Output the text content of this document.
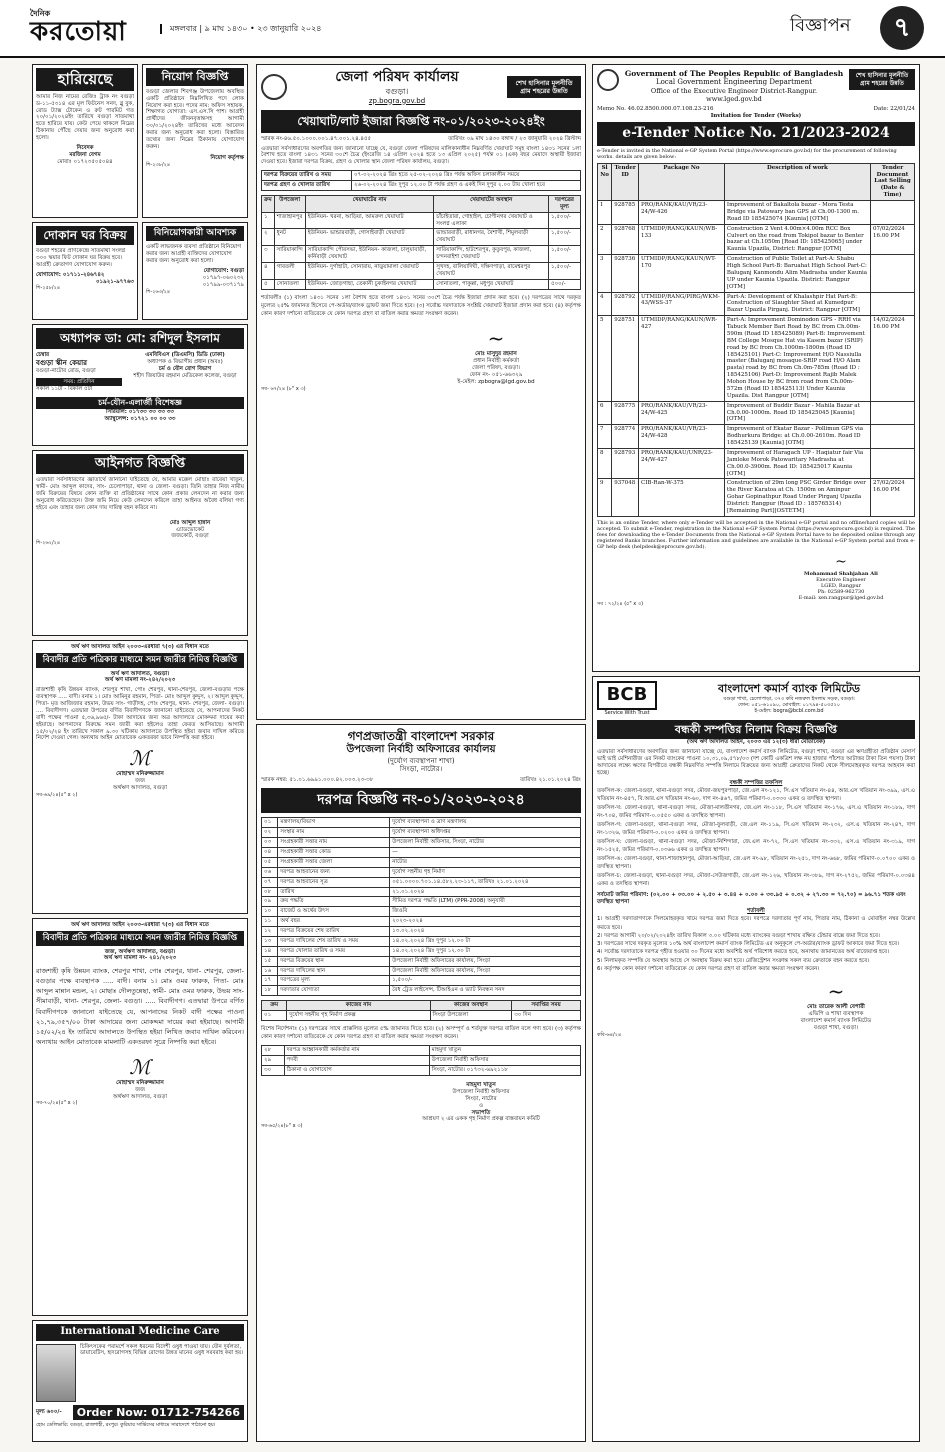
দৈনিক
করতোয়া	মঙ্গলবার | ৯ মাঘ ১৪৩০ • ২৩ জানুয়ারি ২০২৪	বিজ্ঞাপন	৭
হারিয়েছে
আমার নিজ নামের রেজিঃ ট্রাক নং বগুড়া ড-১১-৫৩১৪ এর মূল ফিটনেস সনদ, ব্লু বুক, রোড ট্যাক্স টোকেন ও রুট পারমিট গত ২০/০১/২০২৪ইং তারিখে বগুড়া সাতমাথা হতে হারিয়ে যায়। কেউ পেয়ে থাকলে নিম্নের ঠিকানায় পৌঁছে দেয়ার জন্য অনুরোধ করা হলো।
নিবেদক
মরজিনা বেগম
মোবাঃ ০১৭২৩৫০৫০৪৪
নিয়োগ বিজ্ঞপ্তি
বগুড়া জেলার শিবগঞ্জ উপজেলায় অবস্থিত একটি প্রতিষ্ঠানে নিম্নলিখিত পদে লোক নিয়োগ করা হবে। পদের নাম: অফিস সহায়ক, শিক্ষাগত যোগ্যতা: এস.এস.সি পাশ। আগ্রহী প্রার্থীদের জীবনবৃত্তান্তসহ আগামী ৩০/০১/২০২৪ইং তারিখের মধ্যে আবেদন করার জন্য অনুরোধ করা হলো। বিস্তারিত তথ্যের জন্য নিম্নের ঠিকানায় যোগাযোগ করুন।
নিয়োগ কর্তৃপক্ষ
শি-২৩৮/২৪
দোকান ঘর বিক্রয়
বগুড়া শহরের প্রাণকেন্দ্রে সাতমাথা সংলগ্ন ৩০০ স্কয়ার ফিট দোকান ঘর বিক্রয় হবে। আগ্রহী ক্রেতাগণ যোগাযোগ করুন।
যোগাযোগ: ০১৭১১-২৪৬৭৪২
০১৯২১-৯৭৭৬৩
শি-২৫৮/২৪
বিনিয়োগকারী আবশ্যক
একটি লাভজনক ব্যবসা প্রতিষ্ঠানে বিনিয়োগ করার জন্য আগ্রহী ব্যক্তিদের যোগাযোগ করার জন্য অনুরোধ করা হলো।
যোগাযোগ: বগুড়া
০১৭৯৭-০৬০২৩২
০১৭৯৯-০৩৭১৭৯
শি-২৬৩/২৪
অধ্যাপক ডা: মো: রশিদুল ইসলাম
চেম্বার
বগুড়া স্কীন কেয়ার
বগুড়া-নাটোর রোড, বগুড়া
সময়: প্রতিদিন
সকাল ১১টা - বিকাল ৫টা
এমবিবিএস (ডিএমসি) ডিডি (ঢাকা)
অধ্যাপক ও বিভাগীয় প্রধান (অবঃ)
চর্ম ও যৌন রোগ বিভাগ
শহীদ জিয়াউর রহমান মেডিকেল কলেজ, বগুড়া
চর্ম-যৌন-এলার্জী বিশেষজ্ঞ
সিরিয়াল: ০১৭৩৩ ৩৩ ৩৩ ৩৩
অ্যাম্বুলেন্স: ০১৭২১ ০০ ০০ ৩৩
আইনগত বিজ্ঞপ্তি
এতদ্বারা সর্বসাধারণের জ্ঞাতার্থে জানানো যাইতেছে যে, আমার মক্কেল মোছাঃ রাবেয়া খাতুন, স্বামী- মোঃ আব্দুল কাদের, সাং- চেলোপাড়া, থানা ও জেলা- বগুড়া। তিনি তাহার নিজ নামীয় জমি বিক্রয়ের বিষয়ে কোন ব্যক্তি বা প্রতিষ্ঠানের সাথে কোন প্রকার লেনদেন না করার জন্য অনুরোধ করিতেছেন। উক্ত জমি নিয়ে কেউ লেনদেন করিলে তাহা আইনত অবৈধ বলিয়া গণ্য হইবে এবং তাহার জন্য কোন দায় দায়িত্ব বহন করিবে না।
মোঃ আব্দুল হান্নান
এ্যাডভোকেট
জজকোর্ট, বগুড়া
শি-২৬২/২৪
অর্থ ঋণ আদালত আইন ২০০৩-এরধারা ৭(৩) এর বিধান মতে
বিবাদীর প্রতি পত্রিকার মাধ্যমে সমন জারীর নিমিত্ত বিজ্ঞপ্তি
অর্থ ঋণ আদালত, বগুড়া।
অর্থ ঋণ মামলা নং-২৪২/২০২৩
রাজশাহী কৃষি উন্নয়ন ব্যাংক, শেরপুর শাখা, পোঃ শেরপুর, থানা-শেরপুর, জেলা-বগুড়ার পক্ষে ব্যবস্থাপক ..... বাদী। বনাম ১। মোঃ আমিনুর রহমান, পিতা- মোঃ আব্দুল কুদ্দুস, ২। আব্দুল কুদ্দুস, পিতা- মৃত আজিজার রহমান, উভয় সাং- গাড়ীদহ, পোঃ শেরপুর, থানা- শেরপুর, জেলা- বগুড়া। .... বিবাদীগণ। এতদ্বারা উপরের বর্ণিত বিবাদীগণকে জানানো যাইতেছে যে, আপনাদের নিকট বাদী পক্ষের পাওনা ৫,৩৬,৯৬৫/- টাকা আদায়ের জন্য অত্র আদালতে মোকদ্দমা দায়ের করা হইয়াছে। আপনাদের বিরুদ্ধে সমন জারী করা হইলেও তাহা ফেরত আসিয়াছে। আগামী ১৫/০২/২৪ ইং তারিখে সকাল ৯.৩০ ঘটিকায় আদালতে উপস্থিত হইয়া জবাব দাখিল করিতে নির্দেশ দেওয়া গেল। অন্যথায় আইন মোতাবেক একতরফা ভাবে নিষ্পত্তি করা হইবে।
ℳ
মোহাম্মদ মনিরুজ্জামান
জজ
অর্থঋণ আদালত, বগুড়া
সব-৬৯/২৪(৫" x ২)
অর্থ ঋণ আদালত আইন ২০০৩-এরধারা ৭(৩) এর বিধান মতে
বিবাদীর প্রতি পত্রিকার মাধ্যমে সমন জারীর নিমিত্ত বিজ্ঞপ্তি
জজ, অর্থঋণ আদালত, বগুড়া।
অর্থ ঋণ মামলা নং- ২৪১/২০২৩
রাজশাহী কৃষি উন্নয়ন ব্যাংক, শেরপুর শাখা, পোঃ শেরপুর, থানা- শেরপুর, জেলা-বগুড়ার পক্ষে ব্যবস্থাপক ..... বাদী। বনাম ১। মোঃ ওমর ফারুক, পিতা- মোঃ আব্দুল মান্নান মন্ডল, ২। মোছাঃ দৌলতুন্নেছা, স্বামী- মোঃ ওমর ফারুক, উভয় সাং- সীমাবাড়ী, থানা- শেরপুর, জেলা- বগুড়া। ..... বিবাদীগণ। এতদ্বারা উপরে বর্ণিত বিবাদীগণকে জানানো যাইতেছে যে, আপনাদের নিকট বাদী পক্ষের পাওনা ২১,৭৯,৩৫৭/০০ টাকা আদায়ের জন্য মোকদ্দমা দায়ের করা হইয়াছে। আগামী ১৫/০২/২৪ ইং তারিখে আদালতে উপস্থিত হইয়া লিখিত জবাব দাখিল করিবেন। অন্যথায় আইন মোতাবেক মামলাটি একতরফা সূত্রে নিষ্পত্তি করা হইবে।
ℳ
মোহাম্মদ মনিরুজ্জামান
জজ
অর্থঋণ আদালত, বগুড়া
সব-৭০/২৪(৫" x ২)
International Medicine Care
চিকিৎসকের পরামর্শে সকল ধরনের বিদেশী ওষুধ পাওয়া যায়। যৌন দুর্বলতা, ডায়াবেটিস, হৃদরোগসহ বিভিন্ন রোগের উন্নত মানের ওষুধ সরবরাহ করা হয়।
মূল্য ৬০০/-	Order Now: 01712-754266
হোম ডেলিভারি: বগুড়া, রাজশাহী, রংপুর। কুরিয়ার সার্ভিসের মাধ্যমে সারাদেশে পাঠানো হয়।
জেলা পরিষদ কার্যালয়
বগুড়া।
zp.bogra.gov.bd
শেখ হাসিনার মূলনীতি গ্রাম শহরের উন্নতি
খেয়াঘাট/লাট ইজারা বিজ্ঞপ্তি নং-০১/২০২৩-২০২৪ইং
স্মারক নং-৪৬.৫০.১০০০.০০১.৪৭.০০১.২৪.৪৫৫	তারিখঃ ০৯ মাঘ ১৪৩০ বঙ্গাব্দ / ২৩ জানুয়ারি ২০২৪ খ্রিস্টাব্দ
এতদ্বারা সর্বসাধারণের অবগতির জন্য জানানো যাচ্ছে যে, বগুড়া জেলা পরিষদের মালিকানাধীন নিম্নবর্ণিত খেয়াঘাট সমূহ বাংলা ১৪৩১ সনের ১লা বৈশাখ হতে বাংলা ১৪৩১ সনের ৩০শে চৈত্র (ইংরেজি ১৪ এপ্রিল ২০২৪ হতে ১৩ এপ্রিল ২০২৫) পর্যন্ত ০১ (এক) বছর মেয়াদে অস্থায়ী ইজারা দেওয়া হবে। ইজারা দরপত্র বিক্রয়, গ্রহণ ও খোলার স্থান জেলা পরিষদ কার্যালয়, বগুড়া।
দরপত্র বিক্রয়ের তারিখ ও সময়	০৭-০২-২০২৪ খ্রিঃ হতে ২৫-০২-২০২৪ খ্রিঃ পর্যন্ত অফিস চলাকালীন সময়ে
দরপত্র গ্রহণ ও খোলার তারিখ	২৬-০২-২০২৪ খ্রিঃ দুপুর ১২.০০ টা পর্যন্ত গ্রহণ ও একই দিন দুপুর ২.০০ টায় খোলা হবে
ক্রম	উপজেলা	খেয়াঘাটের নাম	খেয়াঘাটের অবস্থান	দরপত্রের মূল্য
১	শাজাহানপুর	ইউনিয়ন- খরনা, আড়িয়া, আমরুল খেয়াঘাট	চাঁচাইতারা, গোহাইল, চোপীনগর খেয়াঘাট ও সংলগ্ন এলাকা	১,৫০০/-
২	ধুনট	ইউনিয়ন- ভান্ডারবাড়ী, গোসাইবাড়ী খেয়াঘাট	ভান্ডারবাড়ী, রাধানগর, বৈশাখী, শিমুলবাড়ী খেয়াঘাট	১,৫০০/-
৩	সারিয়াকান্দি	সারিয়াকান্দি পৌরসভা, ইউনিয়ন- কাজলা, চালুয়াবাড়ী, কর্নিবাড়ী খেয়াঘাট	সারিয়াকান্দি, হাটশেরপুর, কুতুবপুর, কাজলা, চন্দনবাইশা খেয়াঘাট	১,৫০০/-
৪	গাবতলী	ইউনিয়ন- দুর্গাহাটা, সোনারায়, নাড়ুয়ামালা খেয়াঘাট	সুখদহ, বালিয়াদিঘী, দক্ষিণপাড়া, রামেশ্বরপুর খেয়াঘাট	১,৫০০/-
৫	সোনাতলা	ইউনিয়ন- জোড়গাছা, তেকানী চুকাইনগর খেয়াঘাট	সোনাতলা, পাকুল্লা, মধুপুর খেয়াঘাট	৫০০/-
শর্তাবলীঃ (১) বাংলা ১৪৩১ সনের ১লা বৈশাখ হতে বাংলা ১৪৩১ সনের ৩০শে চৈত্র পর্যন্ত ইজারা প্রদান করা হবে। (২) দরপত্রের সাথে দরকৃত মূল্যের ২৫% জামানত হিসেবে পে-অর্ডার/ব্যাংক ড্রাফট জমা দিতে হবে। (৩) সর্বোচ্চ দরদাতাকে সংশ্লিষ্ট খেয়াঘাট ইজারা প্রদান করা হবে। (৪) কর্তৃপক্ষ কোন কারণ দর্শানো ব্যতিরেকে যে কোন দরপত্র গ্রহণ বা বাতিল করার ক্ষমতা সংরক্ষণ করেন।
~
মোঃ মাসুদুর রহমান
প্রধান নির্বাহী কর্মকর্তা
জেলা পরিষদ, বগুড়া।
ফোন নং- ০৫১-৬৬৩২৯
ই-মেইল: zpbogra@lgd.gov.bd
সব- ৬৭/২৪ (৮" x ৩)
গণপ্রজাতন্ত্রী বাংলাদেশ সরকার
উপজেলা নির্বাহী অফিসারের কার্যালয়
(দুর্যোগ ব্যবস্থাপনা শাখা)
সিংড়া, নাটোর।
স্মারক নম্বর: ৫১.০১.৬৯৯১.০০০.৪২.০০৩.২৩-৩৮	তারিখঃ ২১.০১.২০২৪ খ্রিঃ
দরপত্র বিজ্ঞপ্তি নং-০১/২০২৩-২০২৪
০১	মন্ত্রণালয়/বিভাগ	দুর্যোগ ব্যবস্থাপনা ও ত্রাণ মন্ত্রণালয়
০২	সংস্থার নাম	দুর্যোগ ব্যবস্থাপনা অধিদপ্তর
০৩	সংগ্রহকারী সত্তার নাম	উপজেলা নির্বাহী অফিসার, সিংড়া, নাটোর
০৪	সংগ্রহকারী সত্তার কোড	—
০৫	সংগ্রহকারী সত্তার জেলা	নাটোর
০৬	দরপত্র আহবানের জন্য	দুর্যোগ সহনীয় গৃহ নির্মাণ
০৭	দরপত্র আহবানের সূত্র	০৫১.০০০০.৭০১.১৪.৫৮২.২৩-১১৭, তারিখঃ ২১.০১.২০২৪
০৮	তারিখ	২১.০১.২০২৪
০৯	ক্রয় পদ্ধতি	সীমিত দরপত্র পদ্ধতি (LTM) (PPR-2008) অনুযায়ী
১০	বাজেট ও অর্থের উৎস	জিওবি
১১	অর্থ বছর	২০২৩-২০২৪
১২	দরপত্র বিক্রয়ের শেষ তারিখ	১৩.০২.২০২৪
১৩	দরপত্র দাখিলের শেষ তারিখ ও সময়	১৪.০২.২০২৪ খ্রিঃ দুপুর ১২.০০ টা
১৪	দরপত্র খোলার তারিখ ও সময়	১৪.০২.২০২৪ খ্রিঃ দুপুর ১২.৩০ টা
১৫	দরপত্র বিক্রয়ের স্থান	উপজেলা নির্বাহী অফিসারের কার্যালয়, সিংড়া
১৬	দরপত্র দাখিলের স্থান	উপজেলা নির্বাহী অফিসারের কার্যালয়, সিংড়া
১৭	দরপত্রের মূল্য	১,৫০০/-
১৮	দরদাতার যোগ্যতা	বৈধ ট্রেড লাইসেন্স, টিআইএন ও ভ্যাট নিবন্ধন সনদ
ক্রম	কাজের নাম	কাজের অবস্থান	সমাপ্তির সময়
০১	দুর্যোগ সহনীয় গৃহ নির্মাণ প্রকল্প	সিংড়া উপজেলা	৩০ দিন
বিশেষ নির্দেশনাঃ (১) দরপত্রের সাথে প্রাক্কলিত মূল্যের ৫% জামানত দিতে হবে। (২) অসম্পূর্ণ ও শর্তযুক্ত দরপত্র বাতিল বলে গণ্য হবে। (৩) কর্তৃপক্ষ কোন কারণ দর্শানো ব্যতিরেকে যে কোন দরপত্র গ্রহণ বা বাতিল করার ক্ষমতা সংরক্ষণ করেন।
২৮	দরপত্র আহ্বানকারী কর্মকর্তার নাম	মাহমুদা খাতুন
২৯	পদবী	উপজেলা নির্বাহী অফিসার
৩০	ঠিকানা ও যোগাযোগ	সিংড়া, নাটোর। ০১৭৩২-৬৯২১১৮
মাহমুদা খাতুন
উপজেলা নির্বাহী অফিসার
সিংড়া, নাটোর
ও
সভাপতি
আশ্রয়ণ ২ এর একক গৃহ নির্মাণ প্রকল্প বাস্তবায়ন কমিটি
সব-৬৫/২৪(৮" x ৩)
Government of The Peoples Republic of Bangladesh
Local Government Engineering Department
Office of the Executive Engineer District-Rangpur.
www.lged.gov.bd
শেখ হাসিনার মূলনীতি গ্রাম শহরের উন্নতি
Memo No. 46.02.8500.000.07.108.23-216	Date: 22/01/24
Invitation for Tender (Works)
e-Tender Notice No. 21/2023-2024
e-Tender is invited in the National e-GP System Portal (https://www.eprocure.gov.bd) for the procurement of following works. details are given below:
Sl No	Tender ID	Package No	Description of work	Tender Document Last Selling (Date & Time)
1	928785	PRO/RANK/KAU/VR/23-24/W-426	Improvement of Bakaltola bazar - Mora Testa Bridge via Patowary ban GPS at Ch.00-1300 m. Road ID 185425074 [Kaunia] [OTM]	
2	928768	UTMIDP/RANG/KAUN/WB-133	Construction 2 Vent 4.00m×4.00m RCC Box Culvert on the road from Tokipol bazar to Benter bazar at Ch.1050m [Road ID: 185425065] under Kaunia Upazila, District: Rangpur [OTM]	07/02/2024 16.00 PM
3	928736	UTMIDP/RANG/KAUN/WT-170	Construction of Public Toilet at Part-A: Shabu High School Part-B: Baruahat High School Part-C: Baluganj Kanmondu Alim Madrasha under Kaunia UP under Kaunia Upazila. District: Rangpur [OTM]	
4	928792	UTMIDP/RANG/PIRG/WKM-43/WSS-37	Part-A: Development of Khalashpir Hat Part-B: Construction of Slaughter Shed at Kumedpur Bazar Upazila Pirganj. District: Rangpur [OTM]	
5	928751	UTMIDP/RANG/KAUN/WR-427	Part-A: Improvement Dominodon GPS - RRH via Tabuck Member Bari Road by BC from Ch.00m-590m (Road ID 185425089) Part-B: Improvement BM College Mosque Hat via Kasem bazar (SRIP) road by BC from Ch.1000m-1800m (Road ID 185425101) Part-C: Improvement H/O Nassiulla master (Baluganj mosaque-SRIP road H/O Alam pasta) road by BC from Ch.0m-785m (Road ID : 185425106) Part-D: Improvement Rajib Malek Mohon House by BC from road from Ch.00m-572m (Road ID 185425113) Under Kaunia Upazila. Dist Rangpur [OTM]	14/02/2024 16.00 PM
6	928775	PRO/RANK/KAU/VR/23-24/W-425	Improvement of Buddir Bazar - Mahila Bazar at Ch.0.00-1000m. Road ID 185425045 [Kaunia] [OTM]	
7	928774	PRO/RANK/KAU/VR/23-24/W-428	Improvement of Ekatar Bazar - Pollimun GPS via Bodhurkura Bridge: at Ch.0.00-2610m. Road ID 185425139 [Kaunia] [OTM]	
8	928793	PRO/RANK/KAU/UNR/23-24/W-427	Improvement of Haragach UP - Haqiatur fair Via Jamloke Morok Patowaritary Madrasha at Ch.00.0-3900m. Road ID: 185425017 Kaunia [OTM]	
9	937048	CIB-Ran-W-375	Construction of 29m long PSC Girder Bridge over the River Karatoa at Ch. 1500m on Aminpur Gohar Gopinathpur Road Under Pirganj Upazila District: Rangpur (Road ID : 185765314) [Remaining Part][OSTETM]	27/02/2024 16.00 PM
This is an online Tender, where only e-Tender will be accepted in the National e-GP portal and no offline/hard copies will be accepted. To submit e-Tender, registration in the National e-GP System Portal (https://www.eprocure.gov.bd) is required. The fees for downloading the e-Tender Documents from the National e-GP System Portal have to be deposited online through any registered Banks branches. Further information and guidelines are available in the National e-GP System portal and from e-GP help desk (helpdesk@eprocure.gov.bd).
~
Mohammad Shahjahan Ali
Executive Engineer
LGED, Rangpur
Ph: 02589-962730
E-mail: xen.rangpur@lged.gov.bd
সব : ৭২/২৪ (৫" x ৩)
BCB
Service With Trust
বাংলাদেশ কমার্স ব্যাংক লিমিটেড
বগুড়া শাখা, চেলোপাড়া, ৩৭৩ কবি নজরুল ইসলাম সড়ক, বগুড়া।
ফোন: ০৫১-৬১০৯০, মোবাইল: ০১৭৯৪-৫০৩৫২০
ই-মেইল: bogra@bcbl.com.bd
বন্ধকী সম্পত্তির নিলাম বিক্রয় বিজ্ঞপ্তি
(অর্থ ঋণ আদালত আইন, ২০০৩ এর ১২(৩) ধারা মোতাবেক)
এতদ্বারা সর্বসাধারণের অবগতির জন্য জানানো যাচ্ছে যে, বাংলাদেশ কমার্স ব্যাংক লিমিটেড, বগুড়া শাখা, বগুড়া এর ঋণগ্রহীতা প্রতিষ্ঠান মেসার্স ভাই ভাই মেশিনারীজ এর নিকট ব্যাংকের পাওনা ১০,৩১,০৯,৫৭৮/০৩ (দশ কোটি একত্রিশ লক্ষ নয় হাজার পাঁচশত আটাত্তর টাকা তিন পয়সা) টাকা আদায়ের লক্ষ্যে ঋণের বিপরীতে বন্ধকী নিম্নবর্ণিত সম্পত্তি নিলামে বিক্রয়ের জন্য আগ্রহী ক্রেতাদের নিকট থেকে সীলমোহরকৃত দরপত্র আহবান করা হচ্ছে।
বন্ধকী সম্পত্তির তফসিল
তফসিল-ক: জেলা-বগুড়া, থানা-বগুড়া সদর, মৌজা-জয়পুরপাড়া, জে.এল নং-১২১, সি.এস খতিয়ান নং-৪৪, আর.এস খতিয়ান নং-৩৯৯, এস.এ খতিয়ান নং-৪৫৭, বি.আর.এস খতিয়ান নং-৬০, দাগ নং-৪৬৭, জমির পরিমাণ-০.০৩৩০ একর ও তদস্থিত স্থাপনা।
তফসিল-খ: জেলা-বগুড়া, থানা-বগুড়া সদর, মৌজা-মালতীনগর, জে.এল নং-১১৮, সি.এস খতিয়ান নং-১৭৬, এস.এ খতিয়ান নং-১৮৯, দাগ নং-৭০৪, জমির পরিমাণ-০.০৫৫০ একর ও তদস্থিত স্থাপনা।
তফসিল-গ: জেলা-বগুড়া, থানা-বগুড়া সদর, মৌজা-ফুলবাড়ী, জে.এল নং-১১৯, সি.এস খতিয়ান নং-২৩২, এস.এ খতিয়ান নং-২৪৭, দাগ নং-১৩২৬, জমির পরিমাণ-০.০২০০ একর ও তদস্থিত স্থাপনা।
তফসিল-ঘ: জেলা-বগুড়া, থানা-বগুড়া সদর, মৌজা-নিশিন্দারা, জে.এল নং-৭২, সি.এস খতিয়ান নং-৩৩২, এস.এ খতিয়ান নং-৩১৯, দাগ নং-১৫২৫, জমির পরিমাণ-০.০৩৬৬ একর ও তদস্থিত স্থাপনা।
তফসিল-ঙ: জেলা-বগুড়া, থানা-শাজাহানপুর, মৌজা-আড়িয়া, জে.এল নং-৯৮, খতিয়ান নং-২৫১, দাগ নং-৬৬৮, জমির পরিমাণ-০.০৭০০ একর ও তদস্থিত স্থাপনা।
তফসিল-চ: জেলা-বগুড়া, থানা-বগুড়া সদর, মৌজা-সেউজগাড়ী, জে.এল নং-১২৬, খতিয়ান নং-৩৮৯, দাগ নং-২৭৫২, জমির পরিমাণ-০.০৩৪৪ একর ও তদস্থিত স্থাপনা।
সর্বমোট জমির পরিমাণ: (০২.০০ + ০৩.০০ + ২.৫০ + ৩.৪৪ + ০.০০ + ৩৩.৯৫ + ০.৩২ + ২৭.৩০ = ৭২.৭০) = ৯৬.৭১ শতক এবং তদস্থিত স্থাপনা
শর্তাবলী
1। আগ্রহী দরদাতাগণকে সিলমোহরকৃত খামে দরপত্র জমা দিতে হবে। দরপত্রে দরদাতার পূর্ণ নাম, পিতার নাম, ঠিকানা ও মোবাইল নম্বর উল্লেখ করতে হবে।
2। দরপত্র আগামী ২০/০২/২০২৪ইং তারিখ বিকাল ৩.০০ ঘটিকার মধ্যে ব্যাংকের বগুড়া শাখায় রক্ষিত টেন্ডার বাক্সে জমা দিতে হবে।
3। দরপত্রের সাথে দরকৃত মূল্যের ১০% অর্থ বাংলাদেশ কমার্স ব্যাংক লিমিটেড এর অনুকূলে পে-অর্ডার/ব্যাংক ড্রাফট আকারে জমা দিতে হবে।
4। সর্বোচ্চ দরদাতাকে দরপত্র গৃহীত হওয়ার ৩০ দিনের মধ্যে অবশিষ্ট অর্থ পরিশোধ করতে হবে, অন্যথায় জামানতের অর্থ বাজেয়াপ্ত হবে।
5। নিলামকৃত সম্পত্তি যে অবস্থায় আছে সে অবস্থায় বিক্রয় করা হবে। রেজিস্ট্রেশন সংক্রান্ত সকল ব্যয় ক্রেতাকে বহন করতে হবে।
6। কর্তৃপক্ষ কোন কারণ দর্শানো ব্যতিরেকে যে কোন দরপত্র গ্রহণ বা বাতিল করার ক্ষমতা সংরক্ষণ করেন।
~
মোঃ তারেক আলী বেপারী
এভিপি ও শাখা ব্যবস্থাপক
বাংলাদেশ কমার্স ব্যাংক লিমিটেড
বগুড়া শাখা, বগুড়া।
কবি-৬৪/২৪
